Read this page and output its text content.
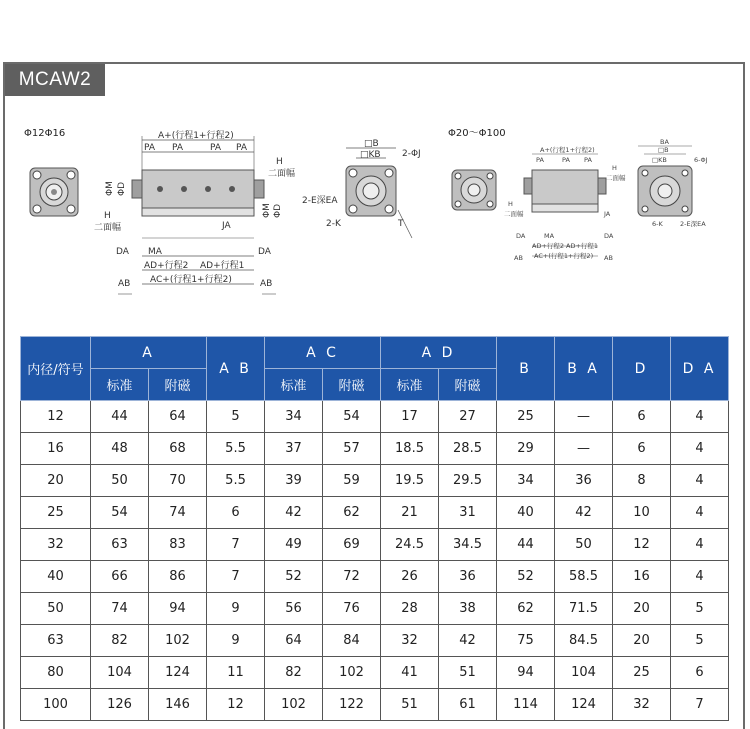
MCAW2
Φ12Φ16	Φ20～Φ100
A+(行程1+行程2)
PA PA	PA PA
H
二面幅
ΦM ΦD
H
二面幅	JA
DA MA	DA
AD+行程2 AD+行程1
AC+(行程1+行程2)
AB	AB
ΦM ΦD
□B
□KB 2-ΦJ
2-E深EA
2-K	T
A+(行程1+行程2)
PA	PA PA
H
二面幅
H
二面幅	JA
DA	MA	DA
AD+行程2 AD+行程1
AC+(行程1+行程2)
AB	AB
BA
□B
□KB	6-ΦJ
6-K	2-E深EA
内径/符号	A		A B	A C		A D		B	B A	D	D A
	标准	附磁		标准	附磁	标准	附磁				
12	44	64	5	34	54	17	27	25	—	6	4
16	48	68	5.5	37	57	18.5	28.5	29	—	6	4
20	50	70	5.5	39	59	19.5	29.5	34	36	8	4
25	54	74	6	42	62	21	31	40	42	10	4
32	63	83	7	49	69	24.5	34.5	44	50	12	4
40	66	86	7	52	72	26	36	52	58.5	16	4
50	74	94	9	56	76	28	38	62	71.5	20	5
63	82	102	9	64	84	32	42	75	84.5	20	5
80	104	124	11	82	102	41	51	94	104	25	6
100	126	146	12	102	122	51	61	114	124	32	7
